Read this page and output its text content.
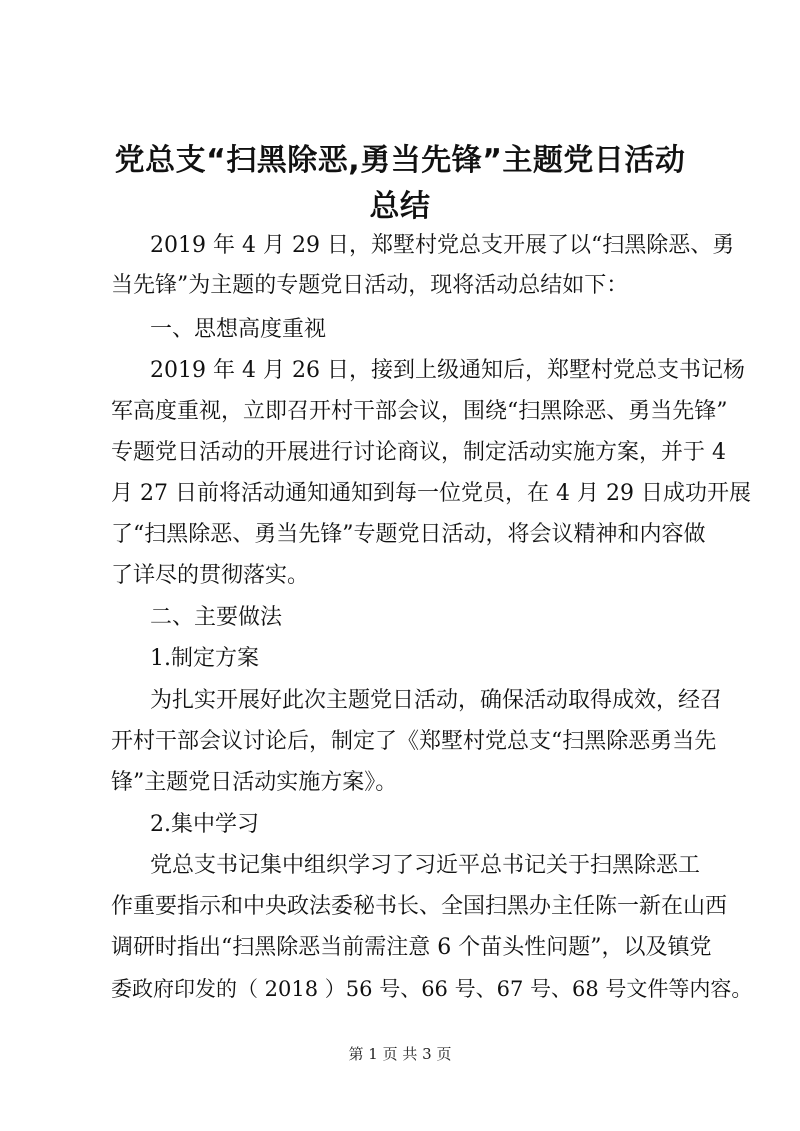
党总支“扫黑除恶,勇当先锋”主题党日活动
总结

2019 年 4 月 29 日，郑墅村党总支开展了以“扫黑除恶、勇

当先锋”为主题的专题党日活动，现将活动总结如下：

一、思想高度重视

2019 年 4 月 26 日，接到上级通知后，郑墅村党总支书记杨

军高度重视，立即召开村干部会议，围绕“扫黑除恶、勇当先锋”

专题党日活动的开展进行讨论商议，制定活动实施方案，并于 4

月 27 日前将活动通知通知到每一位党员，在 4 月 29 日成功开展

了“扫黑除恶、勇当先锋”专题党日活动，将会议精神和内容做

了详尽的贯彻落实。

二、主要做法

1.制定方案

为扎实开展好此次主题党日活动，确保活动取得成效，经召

开村干部会议讨论后，制定了《郑墅村党总支“扫黑除恶勇当先

锋”主题党日活动实施方案》。

2.集中学习

党总支书记集中组织学习了习近平总书记关于扫黑除恶工

作重要指示和中央政法委秘书长、全国扫黑办主任陈一新在山西

调研时指出“扫黑除恶当前需注意 6 个苗头性问题”，以及镇党

委政府印发的（ 2018 ）56 号、66 号、67 号、68 号文件等内容。

第 1 页 共 3 页
